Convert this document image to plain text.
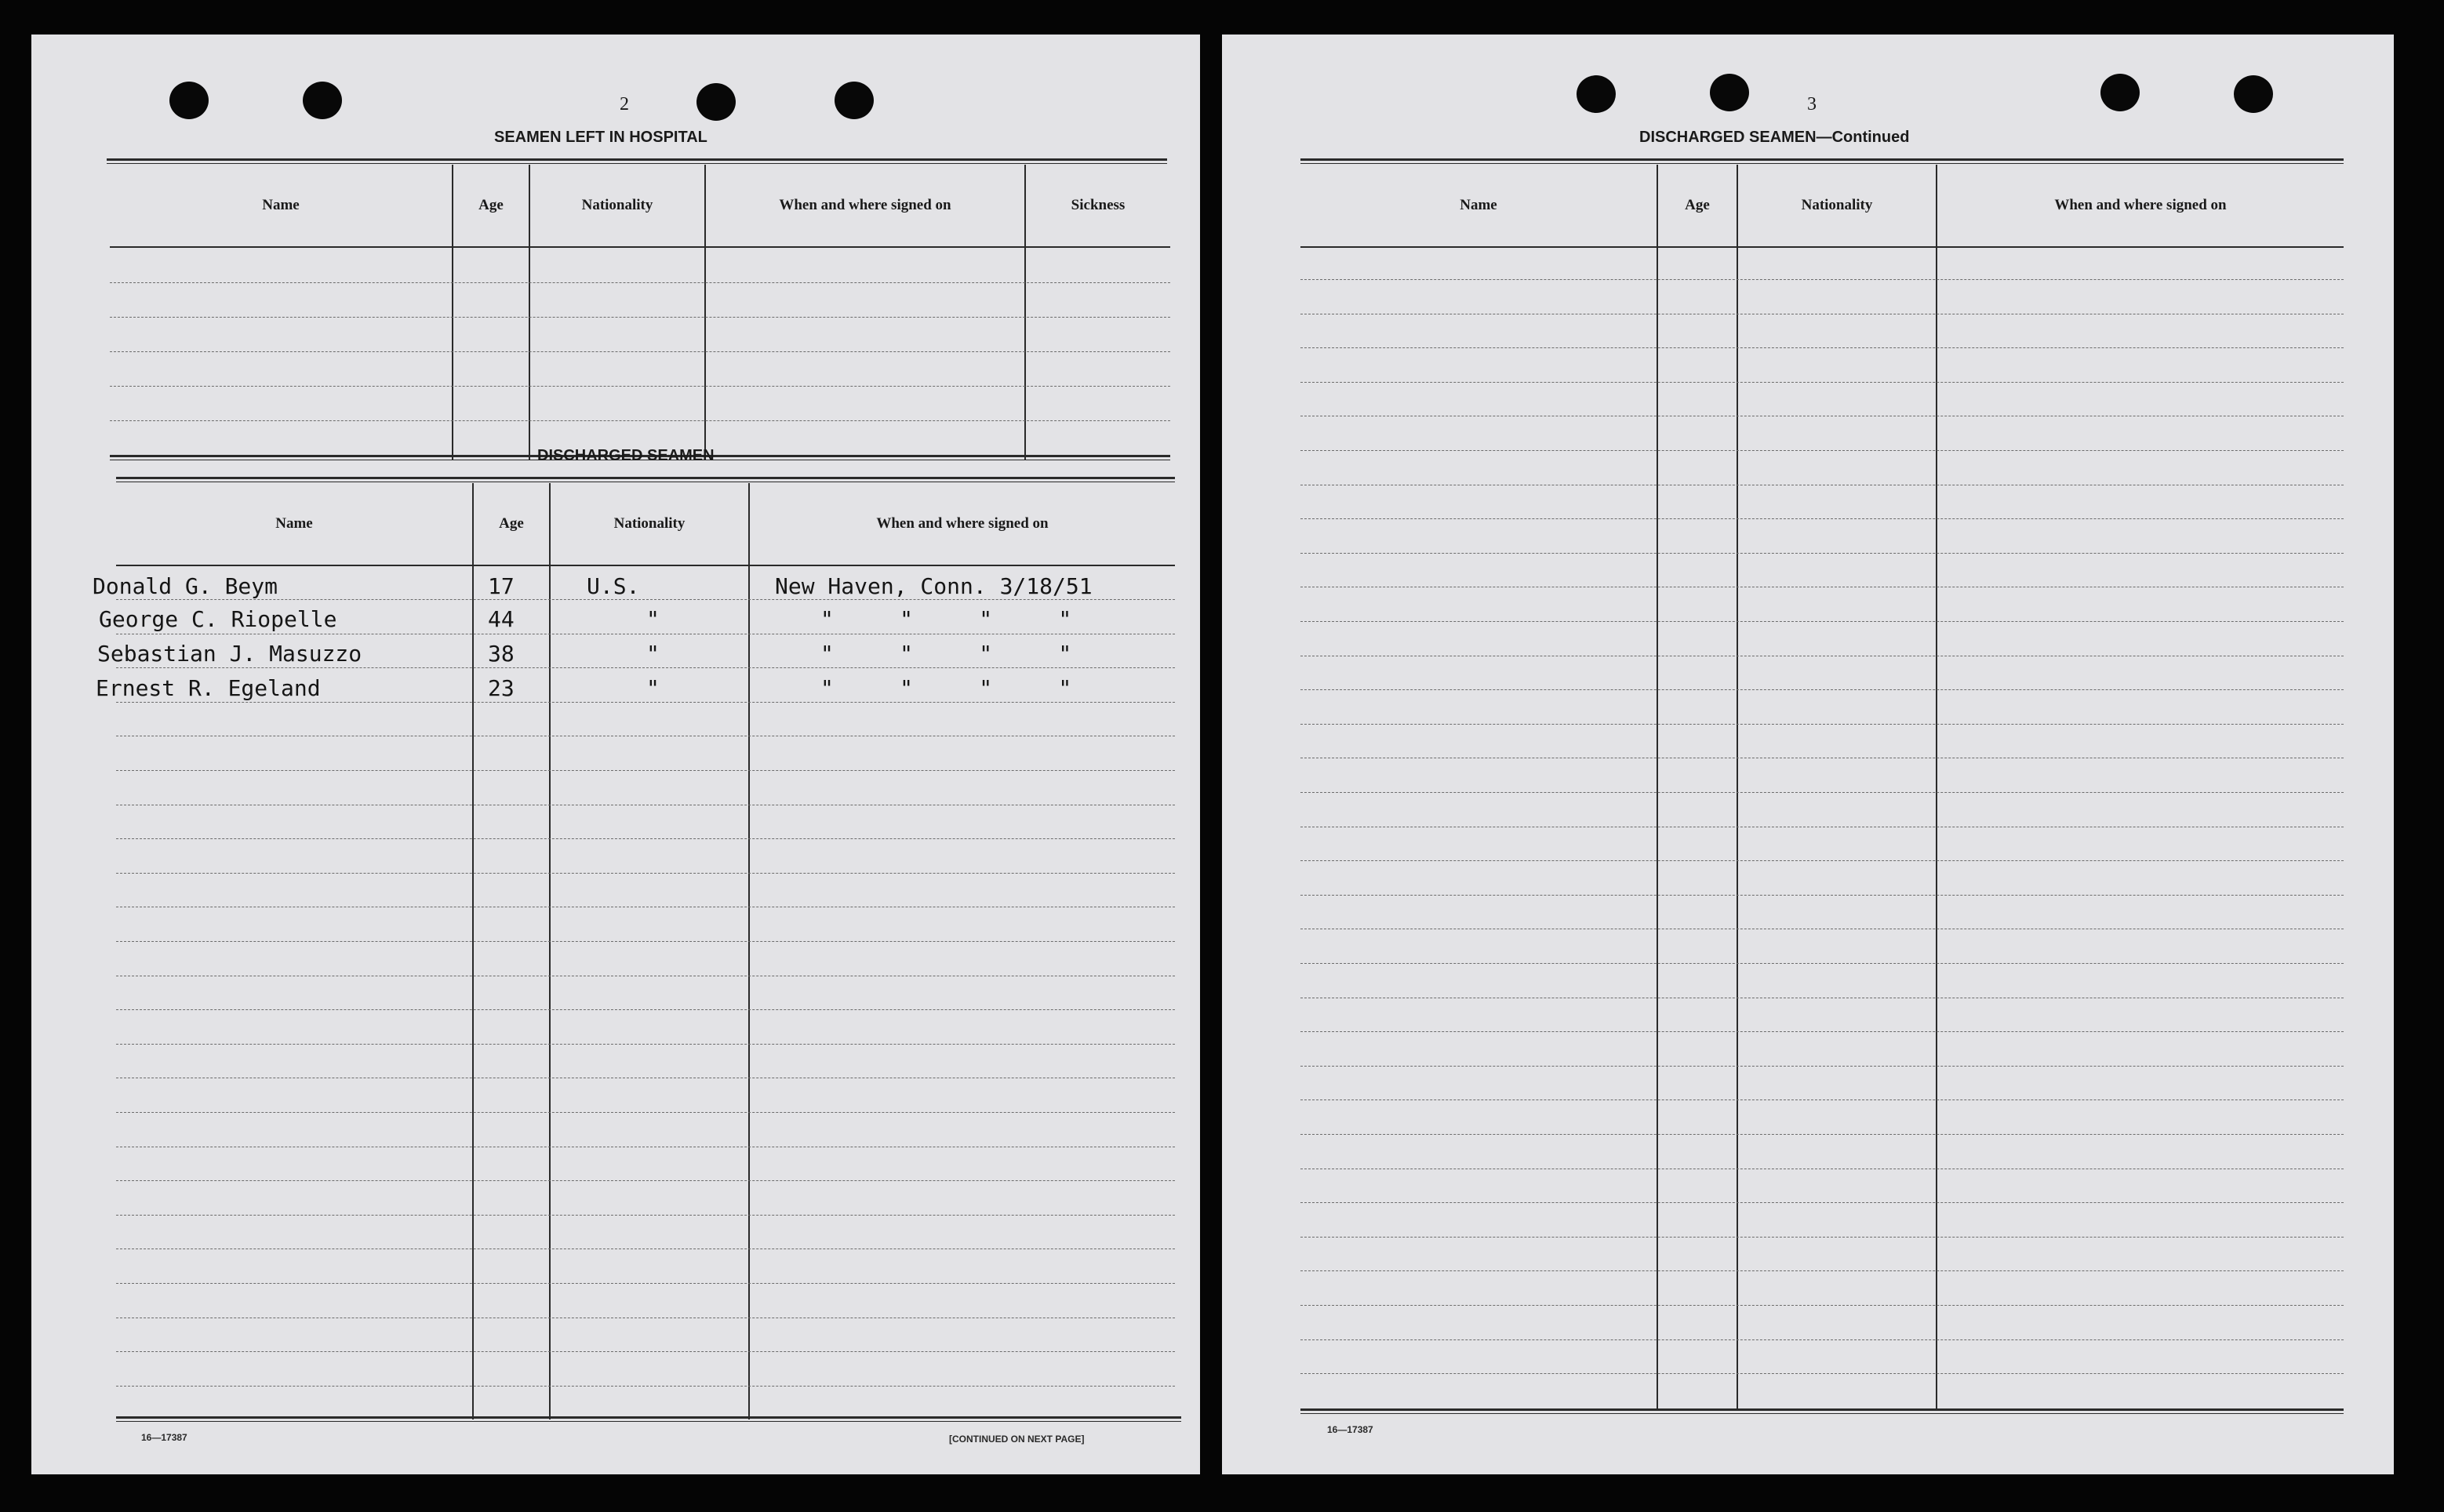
2
SEAMEN LEFT IN HOSPITAL
Name	Age	Nationality	When and where signed on	Sickness
DISCHARGED SEAMEN
Name	Age	Nationality	When and where signed on
Donald G. Beym	17	U.S.	New Haven, Conn. 3/18/51
George C. Riopelle	44	"	"     "     "     "
Sebastian J. Masuzzo	38	"	"     "     "     "
Ernest R. Egeland	23	"	"     "     "     "
16—17387	[CONTINUED ON NEXT PAGE]
3
DISCHARGED SEAMEN—Continued
Name	Age	Nationality	When and where signed on
16—17387
